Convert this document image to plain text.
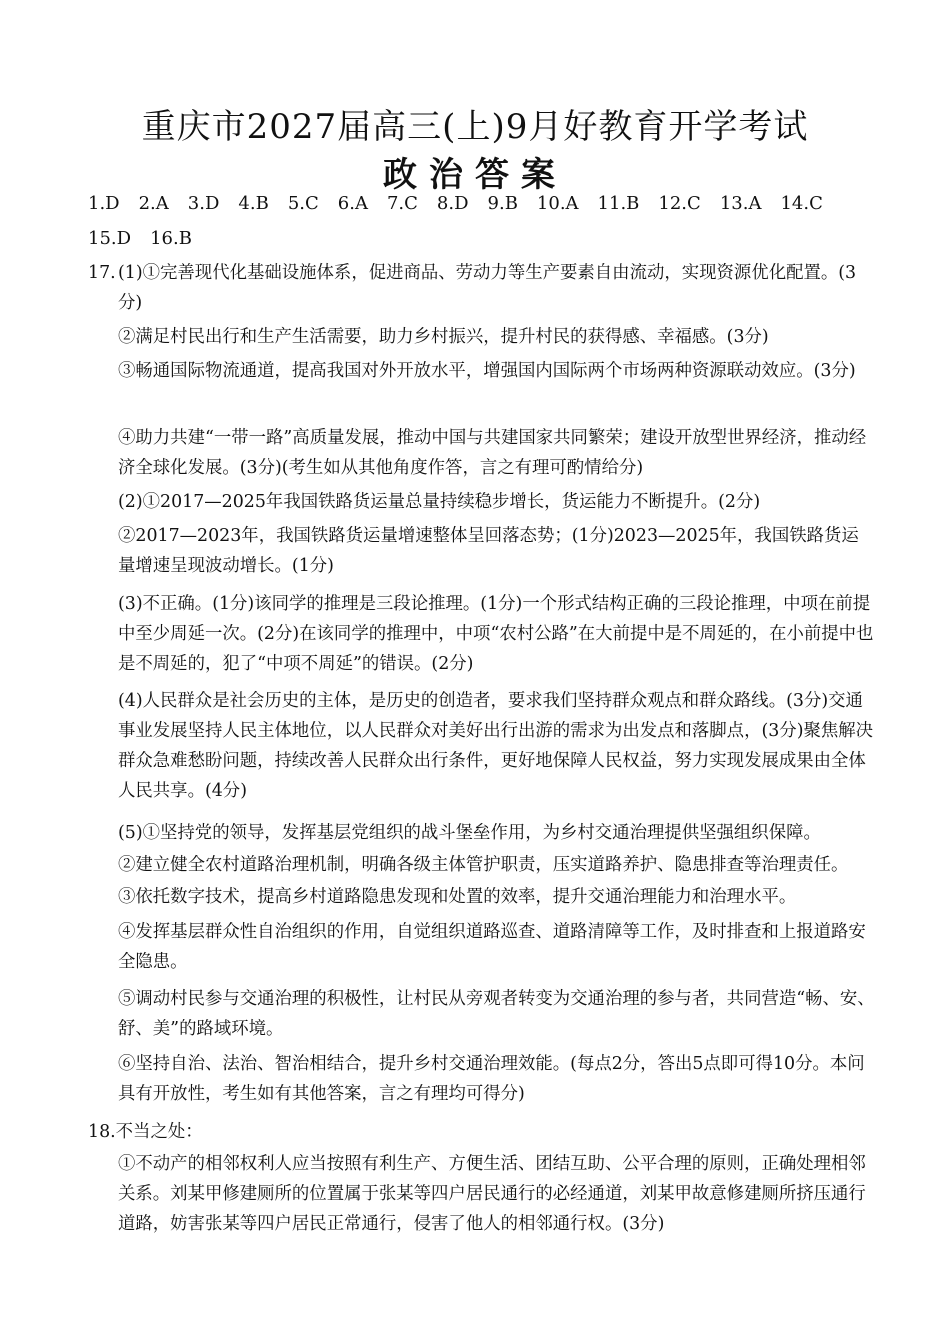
重庆市2027届高三(上)9月好教育开学考试
政治答案
1.D 2.A 3.D 4.B 5.C 6.A 7.C 8.D 9.B 10.A 11.B 12.C 13.A 14.C
15.D 16.B
17. (1)①完善现代化基础设施体系，促进商品、劳动力等生产要素自由流动，实现资源优化配置。(3分)
②满足村民出行和生产生活需要，助力乡村振兴，提升村民的获得感、幸福感。(3分)
③畅通国际物流通道，提高我国对外开放水平，增强国内国际两个市场两种资源联动效应。(3分)
④助力共建“一带一路”高质量发展，推动中国与共建国家共同繁荣；建设开放型世界经济，推动经济全球化发展。(3分)(考生如从其他角度作答，言之有理可酌情给分)
(2)①2017—2025年我国铁路货运量总量持续稳步增长，货运能力不断提升。(2分)
②2017—2023年，我国铁路货运量增速整体呈回落态势；(1分)2023—2025年，我国铁路货运量增速呈现波动增长。(1分)
(3)不正确。(1分)该同学的推理是三段论推理。(1分)一个形式结构正确的三段论推理，中项在前提中至少周延一次。(2分)在该同学的推理中，中项“农村公路”在大前提中是不周延的，在小前提中也是不周延的，犯了“中项不周延”的错误。(2分)
(4)人民群众是社会历史的主体，是历史的创造者，要求我们坚持群众观点和群众路线。(3分)交通事业发展坚持人民主体地位，以人民群众对美好出行出游的需求为出发点和落脚点，(3分)聚焦解决群众急难愁盼问题，持续改善人民群众出行条件，更好地保障人民权益，努力实现发展成果由全体人民共享。(4分)
(5)①坚持党的领导，发挥基层党组织的战斗堡垒作用，为乡村交通治理提供坚强组织保障。
②建立健全农村道路治理机制，明确各级主体管护职责，压实道路养护、隐患排查等治理责任。
③依托数字技术，提高乡村道路隐患发现和处置的效率，提升交通治理能力和治理水平。
④发挥基层群众性自治组织的作用，自觉组织道路巡查、道路清障等工作，及时排查和上报道路安全隐患。
⑤调动村民参与交通治理的积极性，让村民从旁观者转变为交通治理的参与者，共同营造“畅、安、舒、美”的路域环境。
⑥坚持自治、法治、智治相结合，提升乡村交通治理效能。(每点2分，答出5点即可得10分。本问具有开放性，考生如有其他答案，言之有理均可得分)
18.不当之处：
①不动产的相邻权利人应当按照有利生产、方便生活、团结互助、公平合理的原则，正确处理相邻关系。刘某甲修建厕所的位置属于张某等四户居民通行的必经通道，刘某甲故意修建厕所挤压通行道路，妨害张某等四户居民正常通行，侵害了他人的相邻通行权。(3分)
